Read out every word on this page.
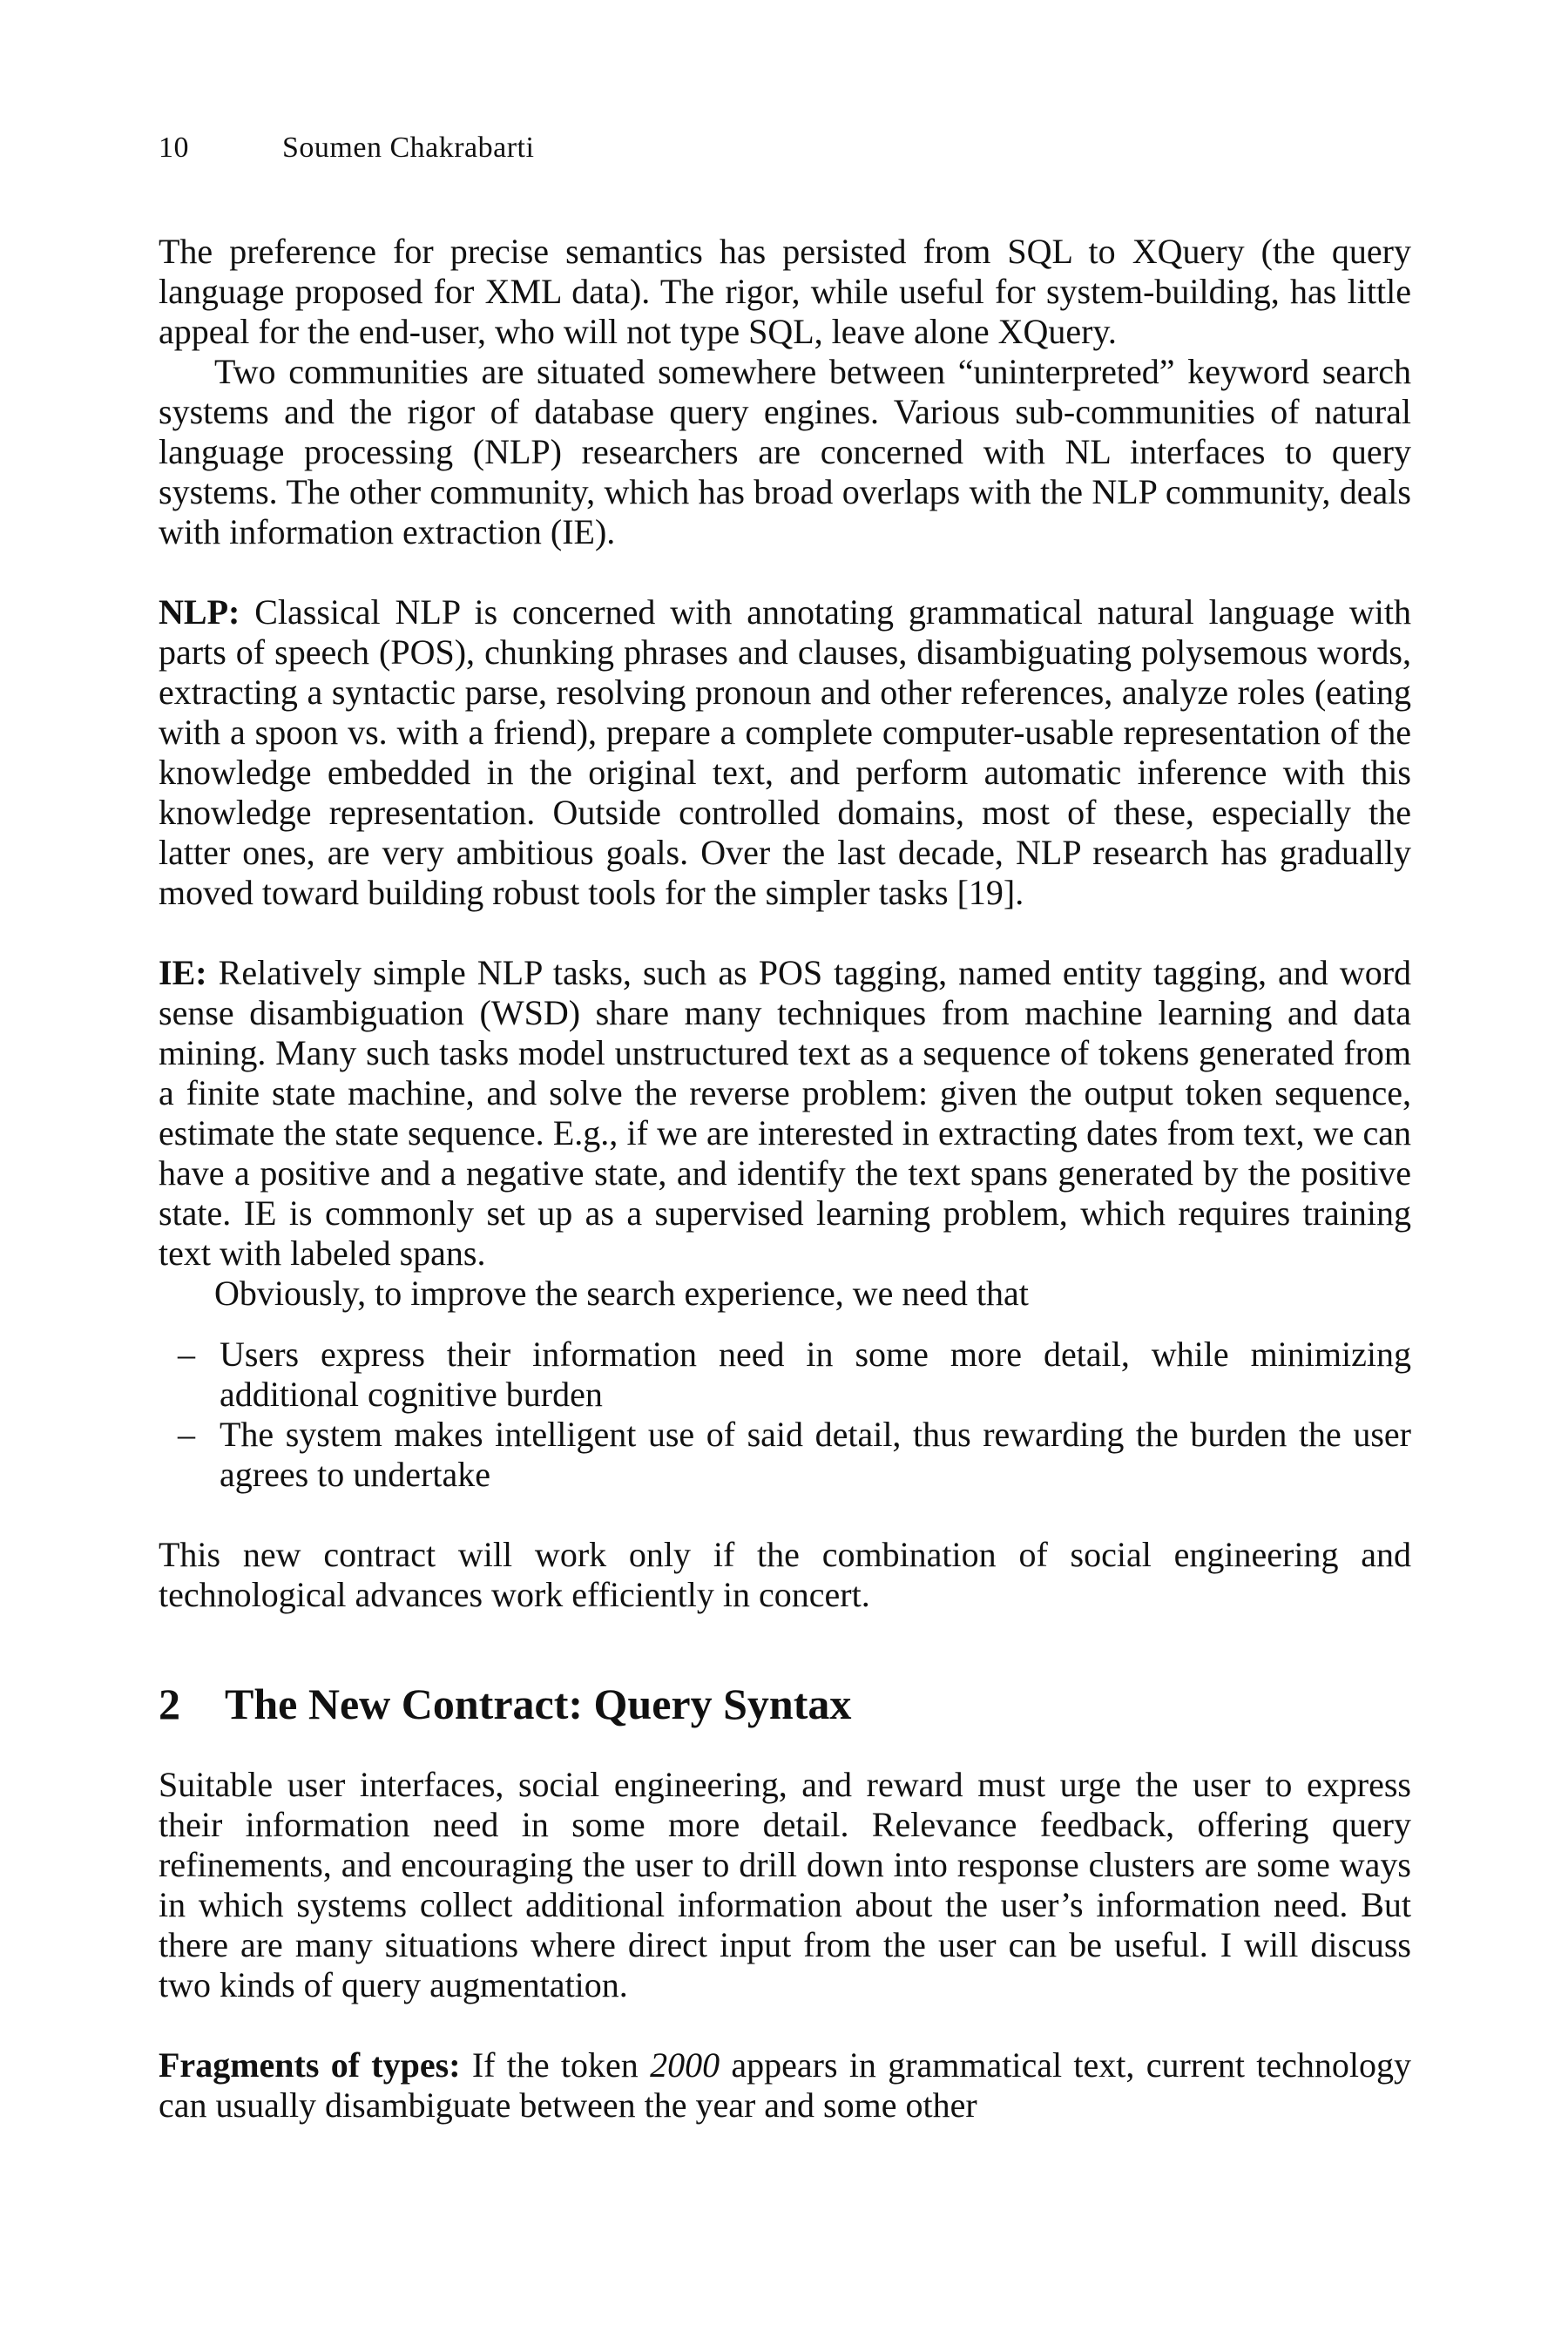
10	Soumen Chakrabarti

The preference for precise semantics has persisted from SQL to XQuery (the query language proposed for XML data). The rigor, while useful for system-building, has little appeal for the end-user, who will not type SQL, leave alone XQuery.

Two communities are situated somewhere between “uninterpreted” keyword search systems and the rigor of database query engines. Various sub-communities of natural language processing (NLP) researchers are concerned with NL interfaces to query systems. The other community, which has broad overlaps with the NLP community, deals with information extraction (IE).

NLP: Classical NLP is concerned with annotating grammatical natural language with parts of speech (POS), chunking phrases and clauses, disambiguating polysemous words, extracting a syntactic parse, resolving pronoun and other references, analyze roles (eating with a spoon vs. with a friend), prepare a complete computer-usable representation of the knowledge embedded in the original text, and perform automatic inference with this knowledge representation. Outside controlled domains, most of these, especially the latter ones, are very ambitious goals. Over the last decade, NLP research has gradually moved toward building robust tools for the simpler tasks [19].

IE: Relatively simple NLP tasks, such as POS tagging, named entity tagging, and word sense disambiguation (WSD) share many techniques from machine learning and data mining. Many such tasks model unstructured text as a sequence of tokens generated from a finite state machine, and solve the reverse problem: given the output token sequence, estimate the state sequence. E.g., if we are interested in extracting dates from text, we can have a positive and a negative state, and identify the text spans generated by the positive state. IE is commonly set up as a supervised learning problem, which requires training text with labeled spans.

Obviously, to improve the search experience, we need that

– Users express their information need in some more detail, while minimizing additional cognitive burden
– The system makes intelligent use of said detail, thus rewarding the burden the user agrees to undertake

This new contract will work only if the combination of social engineering and technological advances work efficiently in concert.

2 The New Contract: Query Syntax

Suitable user interfaces, social engineering, and reward must urge the user to express their information need in some more detail. Relevance feedback, offering query refinements, and encouraging the user to drill down into response clusters are some ways in which systems collect additional information about the user’s information need. But there are many situations where direct input from the user can be useful. I will discuss two kinds of query augmentation.

Fragments of types: If the token 2000 appears in grammatical text, current technology can usually disambiguate between the year and some other
